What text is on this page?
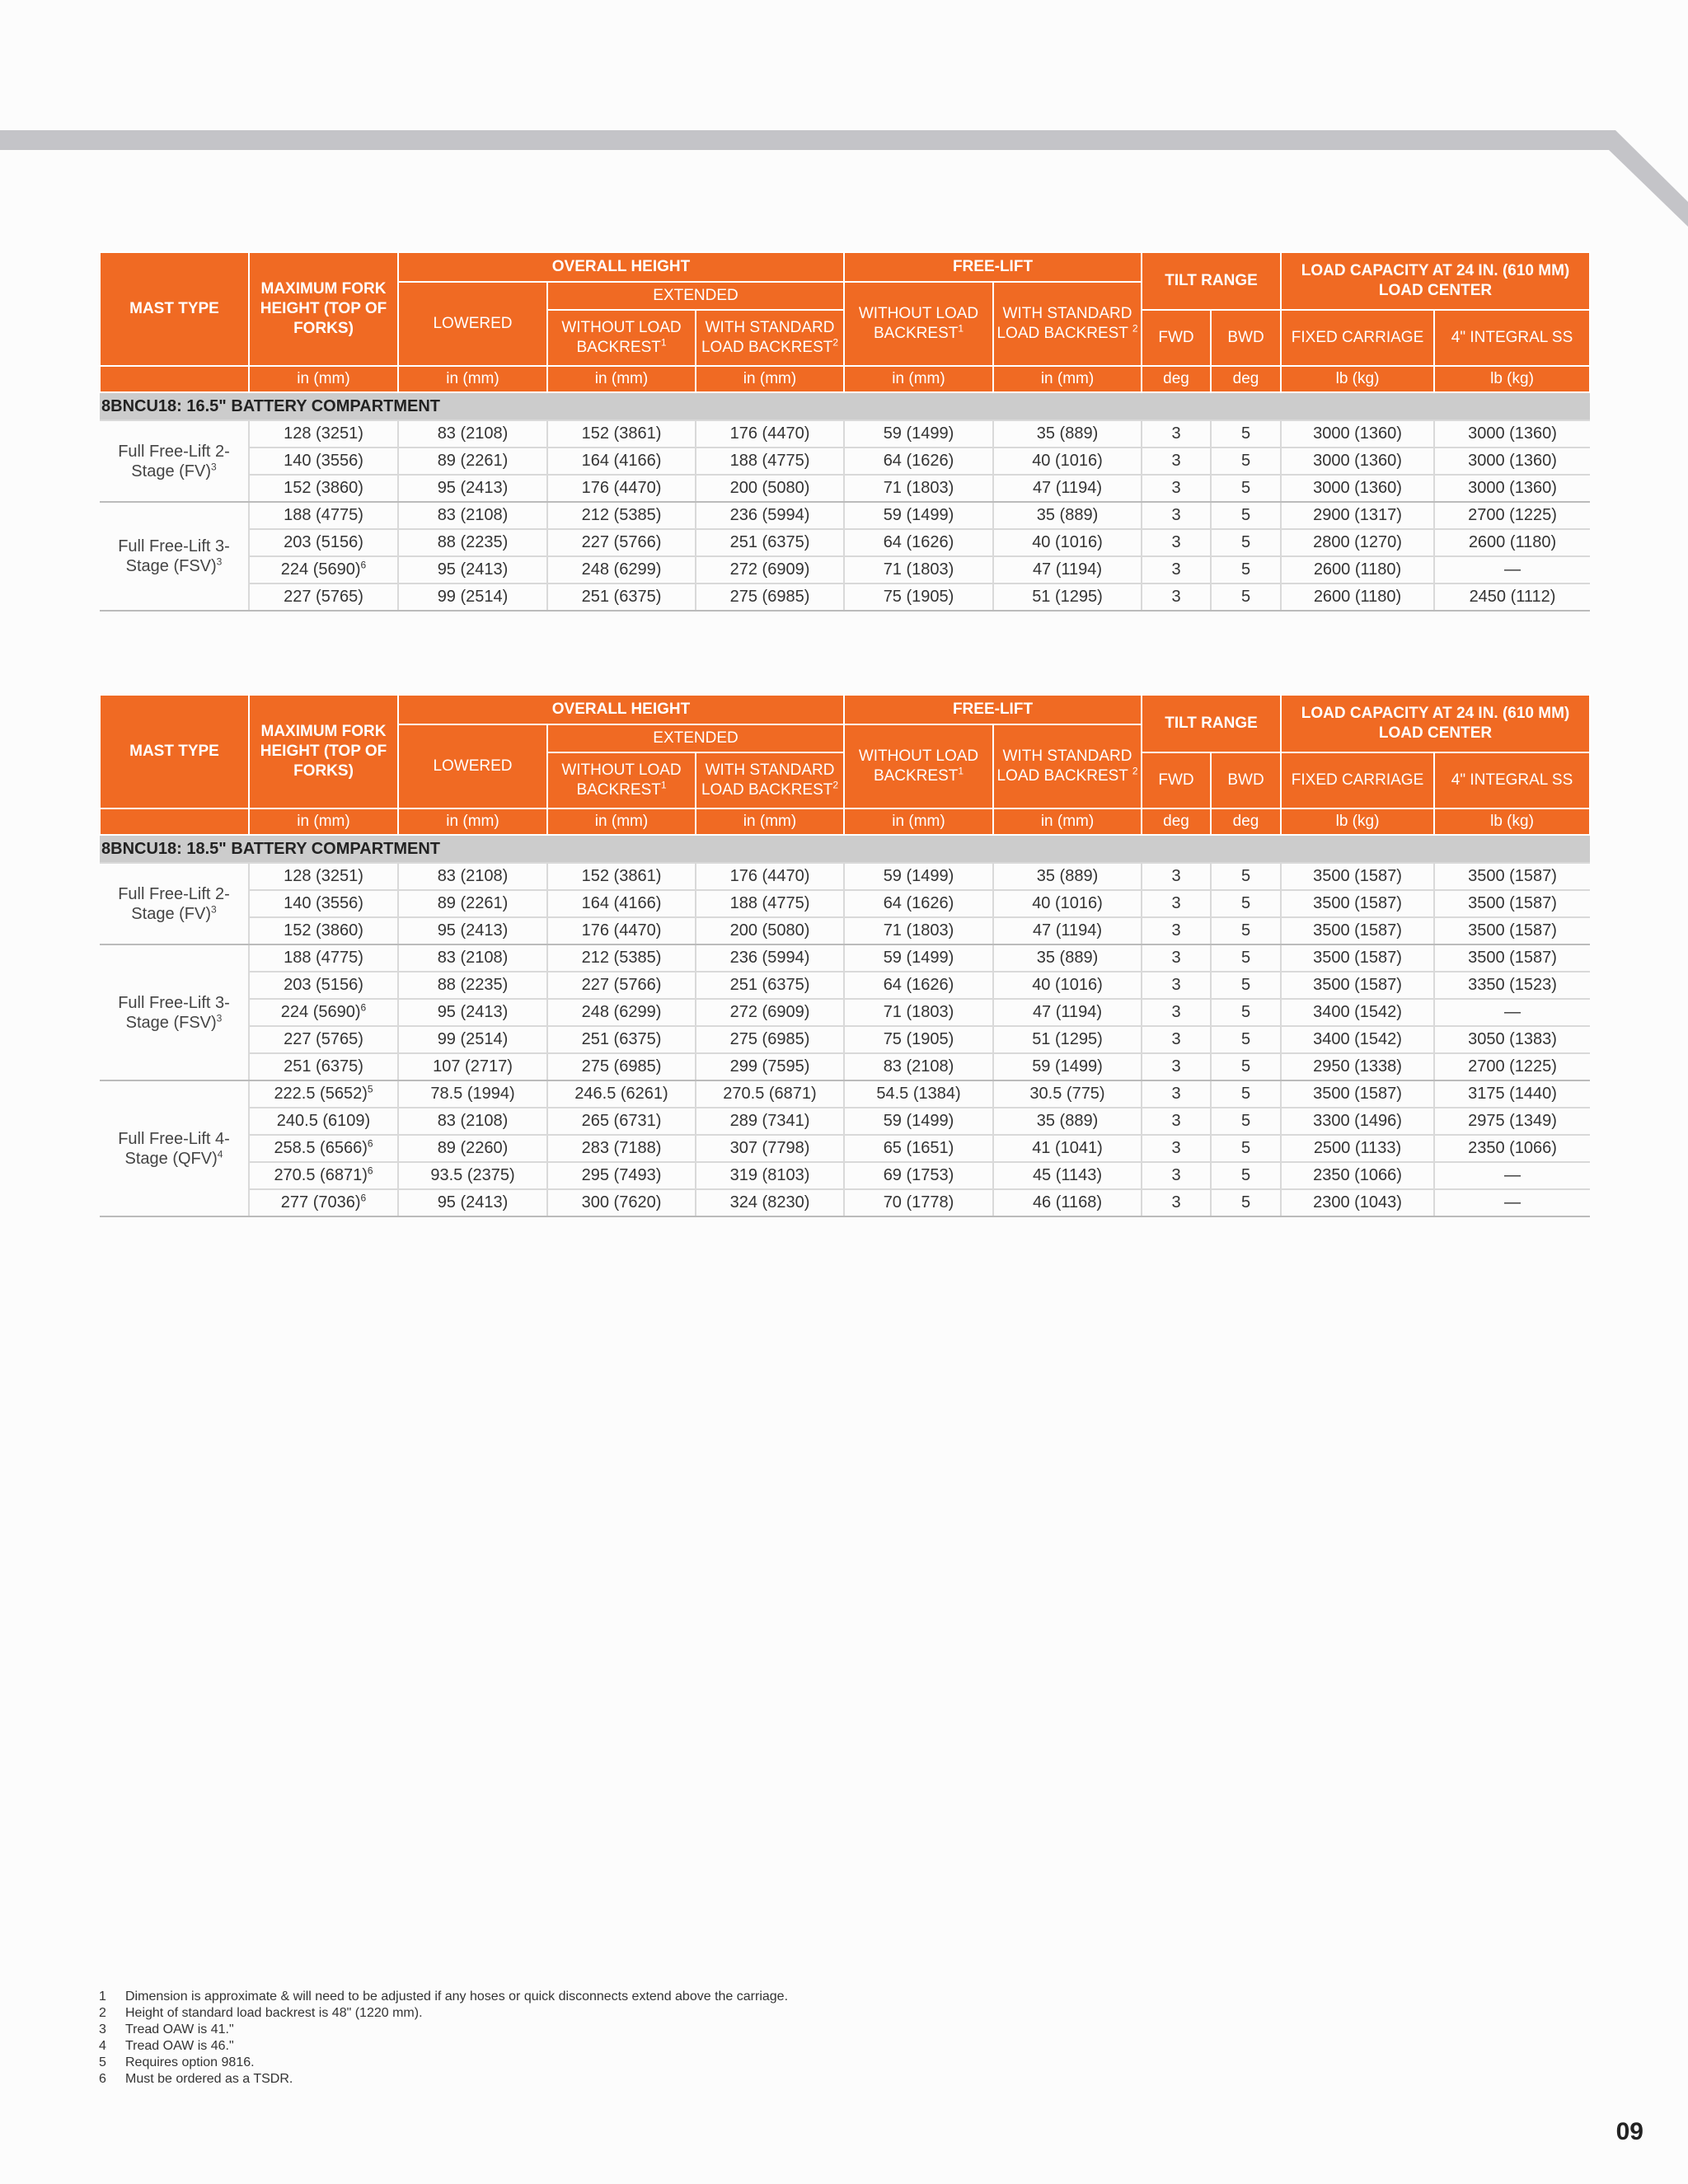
MAST TYPE	MAXIMUM FORK HEIGHT (TOP OF FORKS)	OVERALL HEIGHT			FREE-LIFT		TILT RANGE		LOAD CAPACITY AT 24 IN. (610 MM) LOAD CENTER	
		LOWERED	EXTENDED		WITHOUT LOAD BACKREST$^1$	WITH STANDARD LOAD BACKREST $^2$
			WITHOUT LOAD BACKREST$^1$	WITH STANDARD LOAD BACKREST$^2$			FWD	BWD	FIXED CARRIAGE	4" INTEGRAL SS
	in (mm)	in (mm)	in (mm)	in (mm)	in (mm)	in (mm)	deg	deg	lb (kg)	lb (kg)
8BNCU18: 16.5" BATTERY COMPARTMENT										
Full Free-Lift 2-Stage (FV)$^3$	128 (3251)	83 (2108)	152 (3861)	176 (4470)	59 (1499)	35 (889)	3	5	3000 (1360)	3000 (1360)
	140 (3556)	89 (2261)	164 (4166)	188 (4775)	64 (1626)	40 (1016)	3	5	3000 (1360)	3000 (1360)
	152 (3860)	95 (2413)	176 (4470)	200 (5080)	71 (1803)	47 (1194)	3	5	3000 (1360)	3000 (1360)
Full Free-Lift 3-Stage (FSV)$^3$	188 (4775)	83 (2108)	212 (5385)	236 (5994)	59 (1499)	35 (889)	3	5	2900 (1317)	2700 (1225)
	203 (5156)	88 (2235)	227 (5766)	251 (6375)	64 (1626)	40 (1016)	3	5	2800 (1270)	2600 (1180)
	224 $(5690)^6$	95 (2413)	248 (6299)	272 (6909)	71 (1803)	47 (1194)	3	5	2600 (1180)	—
	227 (5765)	99 (2514)	251 (6375)	275 (6985)	75 (1905)	51 (1295)	3	5	2600 (1180)	2450 (1112)
MAST TYPE	MAXIMUM FORK HEIGHT (TOP OF FORKS)	OVERALL HEIGHT			FREE-LIFT		TILT RANGE		LOAD CAPACITY AT 24 IN. (610 MM) LOAD CENTER	
		LOWERED	EXTENDED		WITHOUT LOAD BACKREST$^1$	WITH STANDARD LOAD BACKREST $^2$
			WITHOUT LOAD BACKREST$^1$	WITH STANDARD LOAD BACKREST$^2$			FWD	BWD	FIXED CARRIAGE	4" INTEGRAL SS
	in (mm)	in (mm)	in (mm)	in (mm)	in (mm)	in (mm)	deg	deg	lb (kg)	lb (kg)
8BNCU18: 18.5" BATTERY COMPARTMENT										
Full Free-Lift 2-Stage (FV)$^3$	128 (3251)	83 (2108)	152 (3861)	176 (4470)	59 (1499)	35 (889)	3	5	3500 (1587)	3500 (1587)
	140 (3556)	89 (2261)	164 (4166)	188 (4775)	64 (1626)	40 (1016)	3	5	3500 (1587)	3500 (1587)
	152 (3860)	95 (2413)	176 (4470)	200 (5080)	71 (1803)	47 (1194)	3	5	3500 (1587)	3500 (1587)
Full Free-Lift 3-Stage (FSV)$^3$	188 (4775)	83 (2108)	212 (5385)	236 (5994)	59 (1499)	35 (889)	3	5	3500 (1587)	3500 (1587)
	203 (5156)	88 (2235)	227 (5766)	251 (6375)	64 (1626)	40 (1016)	3	5	3500 (1587)	3350 (1523)
	224 $(5690)^6$	95 (2413)	248 (6299)	272 (6909)	71 (1803)	47 (1194)	3	5	3400 (1542)	—
	227 (5765)	99 (2514)	251 (6375)	275 (6985)	75 (1905)	51 (1295)	3	5	3400 (1542)	3050 (1383)
	251 (6375)	107 (2717)	275 (6985)	299 (7595)	83 (2108)	59 (1499)	3	5	2950 (1338)	2700 (1225)
Full Free-Lift 4-Stage (QFV)$^4$	222.5 $(5652)^5$	78.5 (1994)	246.5 (6261)	270.5 (6871)	54.5 (1384)	30.5 (775)	3	5	3500 (1587)	3175 (1440)
	240.5 (6109)	83 (2108)	265 (6731)	289 (7341)	59 (1499)	35 (889)	3	5	3300 (1496)	2975 (1349)
	258.5 $(6566)^6$	89 (2260)	283 (7188)	307 (7798)	65 (1651)	41 (1041)	3	5	2500 (1133)	2350 (1066)
	270.5 $(6871)^6$	93.5 (2375)	295 (7493)	319 (8103)	69 (1753)	45 (1143)	3	5	2350 (1066)	—
	277 $(7036)^6$	95 (2413)	300 (7620)	324 (8230)	70 (1778)	46 (1168)	3	5	2300 (1043)	—
1	Dimension is approximate & will need to be adjusted if any hoses or quick disconnects extend above the carriage.
2	Height of standard load backrest is 48" (1220 mm).
3	Tread OAW is 41."
4	Tread OAW is 46."
5	Requires option 9816.
6	Must be ordered as a TSDR.
09
